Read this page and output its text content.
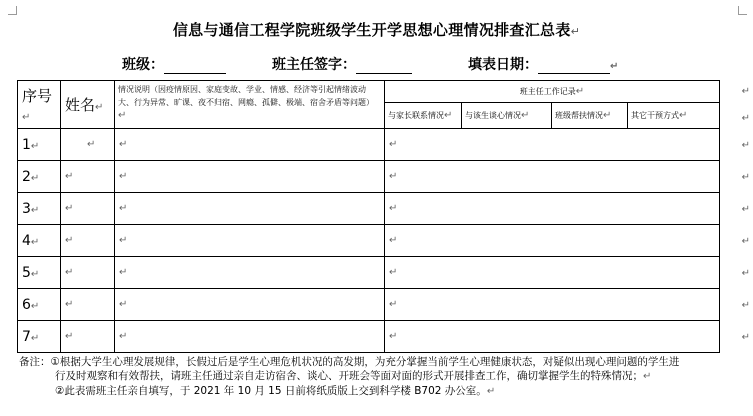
信息与通信工程学院班级学生开学思想心理情况排查汇总表↵
班级：	班主任签字：	填表日期：	↵
序号↵	姓名↵	情况说明（因疫情原因、家庭变故、学业、情感、经济等引起情绪波动大、行为异常、旷课、夜不归宿、网瘾、孤僻、极端、宿舍矛盾等问题）↵	班主任工作记录↵			
			与家长联系情况↵	与该生谈心情况↵	班级帮扶情况↵	其它干预方式↵
1↵	↵	↵	↵			
2↵	↵	↵	↵			
3↵	↵	↵	↵			
4↵	↵	↵	↵			
5↵	↵	↵	↵			
6↵	↵	↵	↵			
7↵	↵	↵	↵			
↵
↵
↵
↵
↵
↵
↵
↵
↵
备注：①根据大学生心理发展规律，长假过后是学生心理危机状况的高发期，为充分掌握当前学生心理健康状态，对疑似出现心理问题的学生进
行及时观察和有效帮扶，请班主任通过亲自走访宿舍、谈心、开班会等面对面的形式开展排查工作，确切掌握学生的特殊情况；↵
②此表需班主任亲自填写，于 2021 年 10 月 15 日前将纸质版上交到科学楼 B702 办公室。↵
